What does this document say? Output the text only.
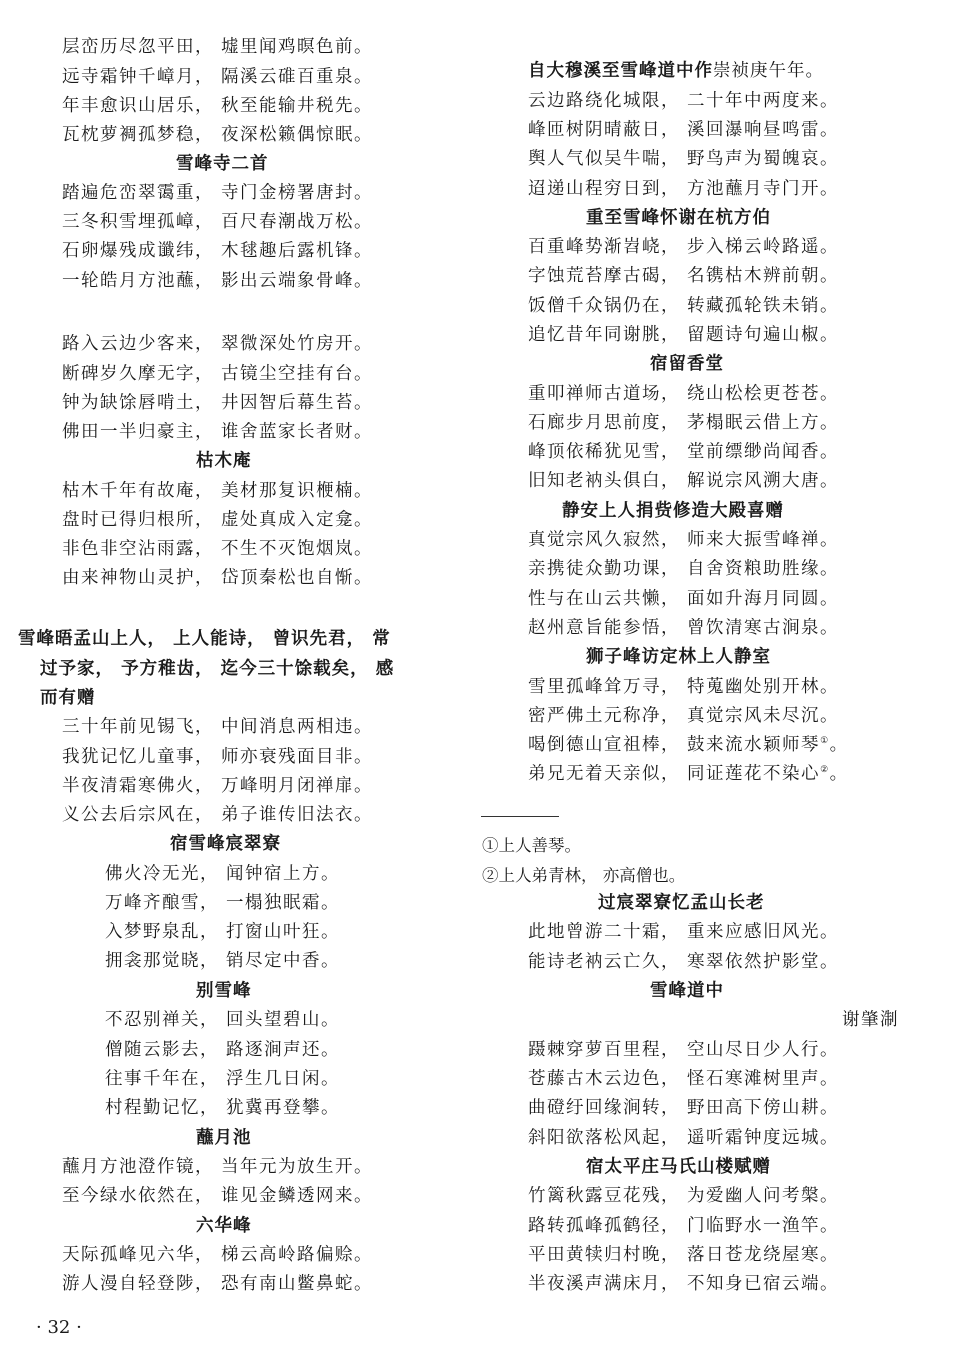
层峦历尽忽平田， 墟里闻鸡暝色前。
远寺霜钟千嶂月， 隔溪云碓百重泉。
年丰愈识山居乐， 秋至能输井税先。
瓦枕萝裯孤梦稳， 夜深松籁偶惊眠。
雪峰寺二首
踏遍危峦翠霭重， 寺门金榜署唐封。
三冬积雪埋孤嶂， 百尺春潮战万松。
石卵爆残成谶纬， 木毬趣后露机锋。
一轮皓月方池蘸， 影出云端象骨峰。
路入云边少客来， 翠微深处竹房开。
断碑岁久摩无字， 古镜尘空挂有台。
钟为缺馀唇啃土， 井因智后幕生苔。
佛田一半归豪主， 谁舍蓝家长者财。
枯木庵
枯木千年有故庵， 美材那复识楩楠。
盘时已得归根所， 虚处真成入定龛。
非色非空沾雨露， 不生不灭饱烟岚。
由来神物山灵护， 岱顶秦松也自惭。
雪峰晤孟山上人， 上人能诗， 曾识先君， 常
过予家， 予方稚齿， 迄今三十馀载矣， 感
而有赠
三十年前见锡飞， 中间消息两相违。
我犹记忆儿童事， 师亦衰残面目非。
半夜清霜寒佛火， 万峰明月闭禅扉。
义公去后宗风在， 弟子谁传旧法衣。
宿雪峰宸翠寮
佛火冷无光， 闻钟宿上方。
万峰齐酿雪， 一榻独眠霜。
入梦野泉乱， 打窗山叶狂。
拥衾那觉晓， 销尽定中香。
别雪峰
不忍别禅关， 回头望碧山。
僧随云影去， 路逐涧声还。
往事千年在， 浮生几日闲。
村程勤记忆， 犹冀再登攀。
蘸月池
蘸月方池澄作镜， 当年元为放生开。
至今绿水依然在， 谁见金鳞透网来。
六华峰
天际孤峰见六华， 梯云高岭路偏赊。
游人漫自轻登陟， 恐有南山鳖鼻蛇。
自大穆溪至雪峰道中作崇祯庚午年。
云边路绕化城限， 二十年中两度来。
峰匝树阴晴蔽日， 溪回瀑响昼鸣雷。
舆人气似吴牛喘， 野鸟声为蜀魄哀。
迢递山程穷日到， 方池蘸月寺门开。
重至雪峰怀谢在杭方伯
百重峰势渐岧峣， 步入梯云岭路遥。
字蚀荒苔摩古碣， 名镌枯木辨前朝。
饭僧千众锅仍在， 转藏孤轮铁未销。
追忆昔年同谢朓， 留题诗句遍山椒。
宿留香堂
重叩禅师古道场， 绕山松桧更苍苍。
石廊步月思前度， 茅榻眠云借上方。
峰顶依稀犹见雪， 堂前缥缈尚闻香。
旧知老衲头俱白， 解说宗风溯大唐。
静安上人捐赀修造大殿喜赠
真觉宗风久寂然， 师来大振雪峰禅。
亲携徒众勤功课， 自舍资粮助胜缘。
性与在山云共懒， 面如升海月同圆。
赵州意旨能参悟， 曾饮清寒古涧泉。
狮子峰访定林上人静室
雪里孤峰耸万寻， 特蒐幽处别开林。
密严佛土元称净， 真觉宗风未尽沉。
喝倒德山宣祖棒， 鼓来流水颖师琴①。
弟兄无着天亲似， 同证莲花不染心②。
①上人善琴。
②上人弟青林， 亦高僧也。
过宸翠寮忆孟山长老
此地曾游二十霜， 重来应感旧风光。
能诗老衲云亡久， 寒翠依然护影堂。
雪峰道中
谢肇淛
蹑棘穿萝百里程， 空山尽日少人行。
苍藤古木云边色， 怪石寒滩树里声。
曲磴纡回缘涧转， 野田高下傍山耕。
斜阳欲落松风起， 遥听霜钟度远城。
宿太平庄马氏山楼赋赠
竹篱秋露豆花残， 为爱幽人问考槃。
路转孤峰孤鹤径， 门临野水一渔竿。
平田黄犊归村晚， 落日苍龙绕屋寒。
半夜溪声满床月， 不知身已宿云端。
· 32 ·
